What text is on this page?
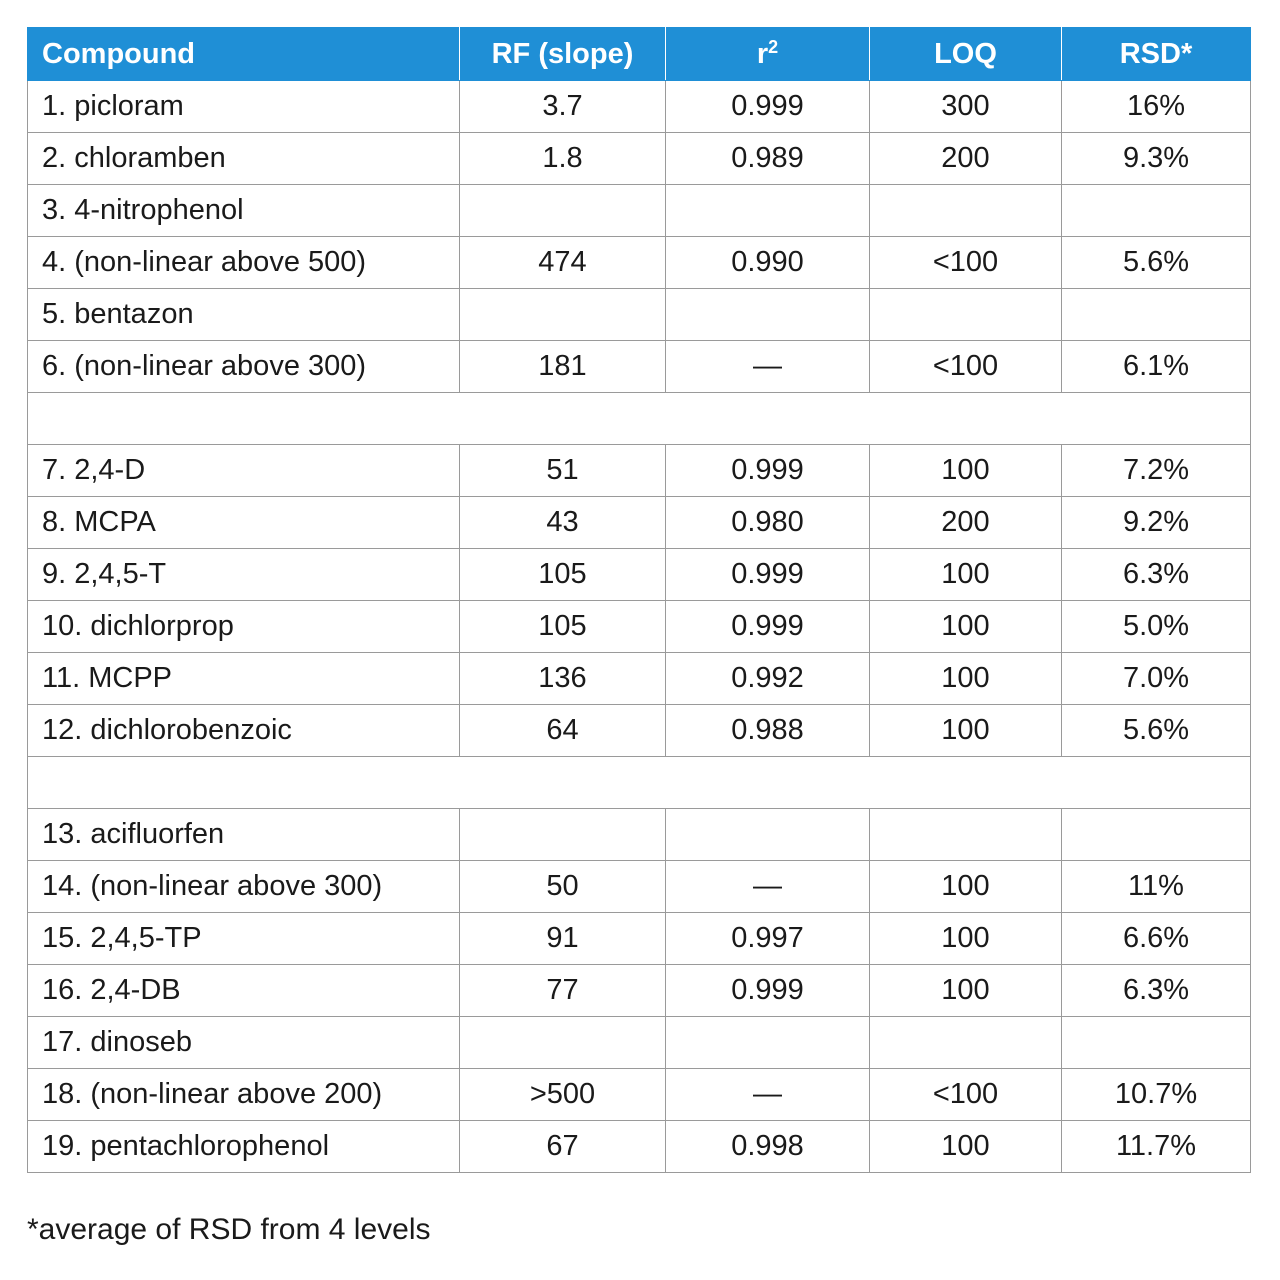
Compound	RF (slope)	$r^2$	LOQ	RSD*
1. picloram	3.7	0.999	300	16%
2. chloramben	1.8	0.989	200	9.3%
3. 4-nitrophenol				
4. (non-linear above 500)	474	0.990	<100	5.6%
5. bentazon				
6. (non-linear above 300)	181	—	<100	6.1%

7. 2,4-D	51	0.999	100	7.2%
8. MCPA	43	0.980	200	9.2%
9. 2,4,5-T	105	0.999	100	6.3%
10. dichlorprop	105	0.999	100	5.0%
11. MCPP	136	0.992	100	7.0%
12. dichlorobenzoic	64	0.988	100	5.6%

13. acifluorfen				
14. (non-linear above 300)	50	—	100	11%
15. 2,4,5-TP	91	0.997	100	6.6%
16. 2,4-DB	77	0.999	100	6.3%
17. dinoseb				
18. (non-linear above 200)	>500	—	<100	10.7%
19. pentachlorophenol	67	0.998	100	11.7%
*average of RSD from 4 levels
